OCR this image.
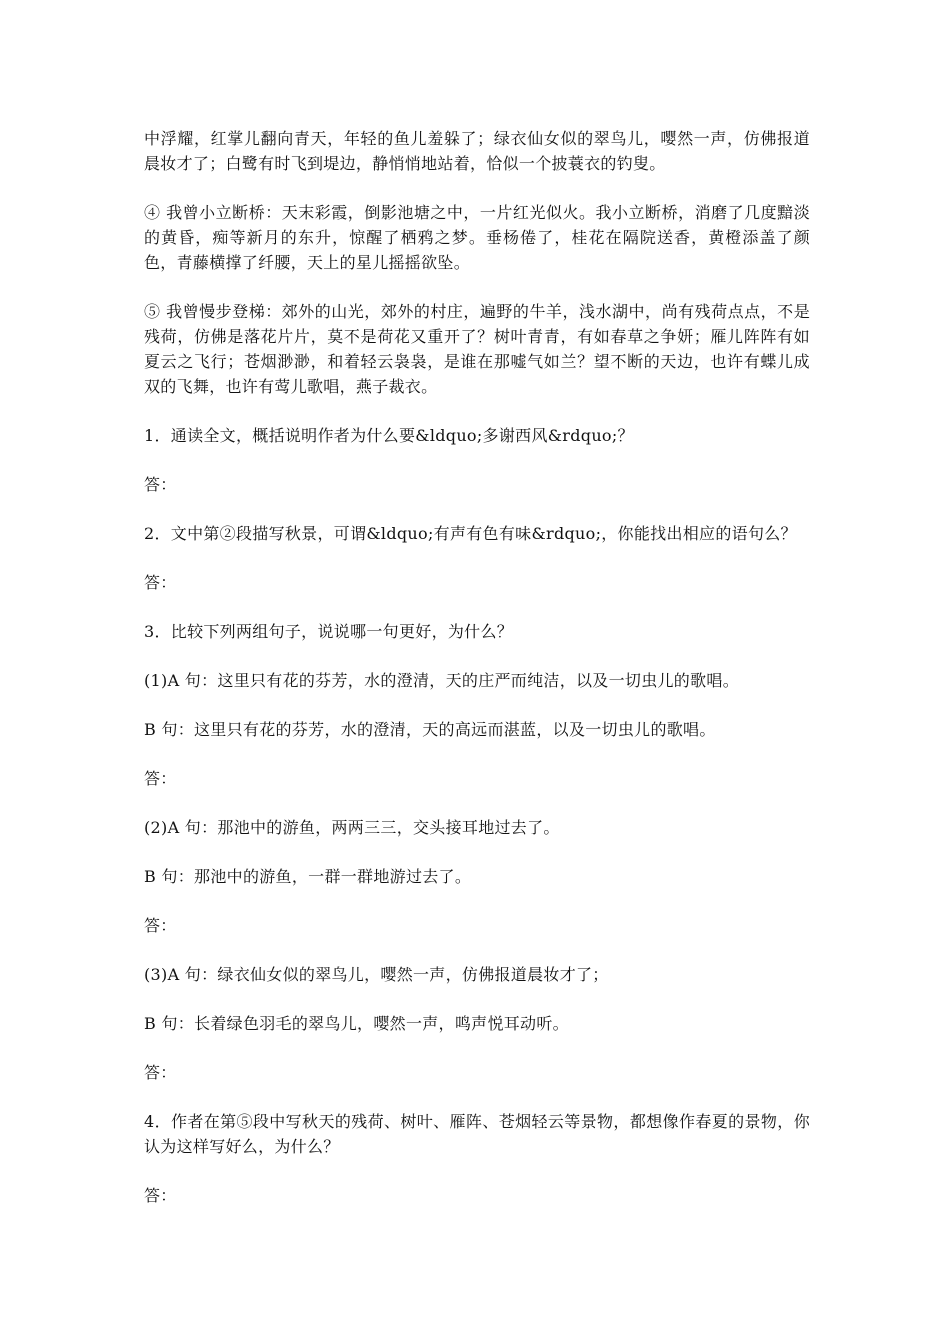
中浮耀，红掌儿翻向青天，年轻的鱼儿羞躲了；绿衣仙女似的翠鸟儿，嘤然一声，仿佛报道晨妆才了；白鹭有时飞到堤边，静悄悄地站着，恰似一个披蓑衣的钓叟。

④ 我曾小立断桥：天末彩霞，倒影池塘之中，一片红光似火。我小立断桥，消磨了几度黯淡的黄昏，痴等新月的东升，惊醒了栖鸦之梦。垂杨倦了，桂花在隔院送香，黄橙添盖了颜色，青藤横撑了纤腰，天上的星儿摇摇欲坠。

⑤ 我曾慢步登梯：郊外的山光，郊外的村庄，遍野的牛羊，浅水湖中，尚有残荷点点，不是残荷，仿佛是落花片片，莫不是荷花又重开了？树叶青青，有如春草之争妍；雁儿阵阵有如夏云之飞行；苍烟渺渺，和着轻云袅袅，是谁在那嘘气如兰？望不断的天边，也许有蝶儿成双的飞舞，也许有莺儿歌唱，燕子裁衣。

1．通读全文，概括说明作者为什么要&ldquo;多谢西风&rdquo;？

答：

2．文中第②段描写秋景，可谓&ldquo;有声有色有味&rdquo;，你能找出相应的语句么？

答：

3．比较下列两组句子，说说哪一句更好，为什么？

(1)A 句：这里只有花的芬芳，水的澄清，天的庄严而纯洁，以及一切虫儿的歌唱。

B 句：这里只有花的芬芳，水的澄清，天的高远而湛蓝，以及一切虫儿的歌唱。

答：

(2)A 句：那池中的游鱼，两两三三，交头接耳地过去了。

B 句：那池中的游鱼，一群一群地游过去了。

答：

(3)A 句：绿衣仙女似的翠鸟儿，嘤然一声，仿佛报道晨妆才了；

B 句：长着绿色羽毛的翠鸟儿，嘤然一声，鸣声悦耳动听。

答：

4．作者在第⑤段中写秋天的残荷、树叶、雁阵、苍烟轻云等景物，都想像作春夏的景物，你认为这样写好么，为什么？

答：
